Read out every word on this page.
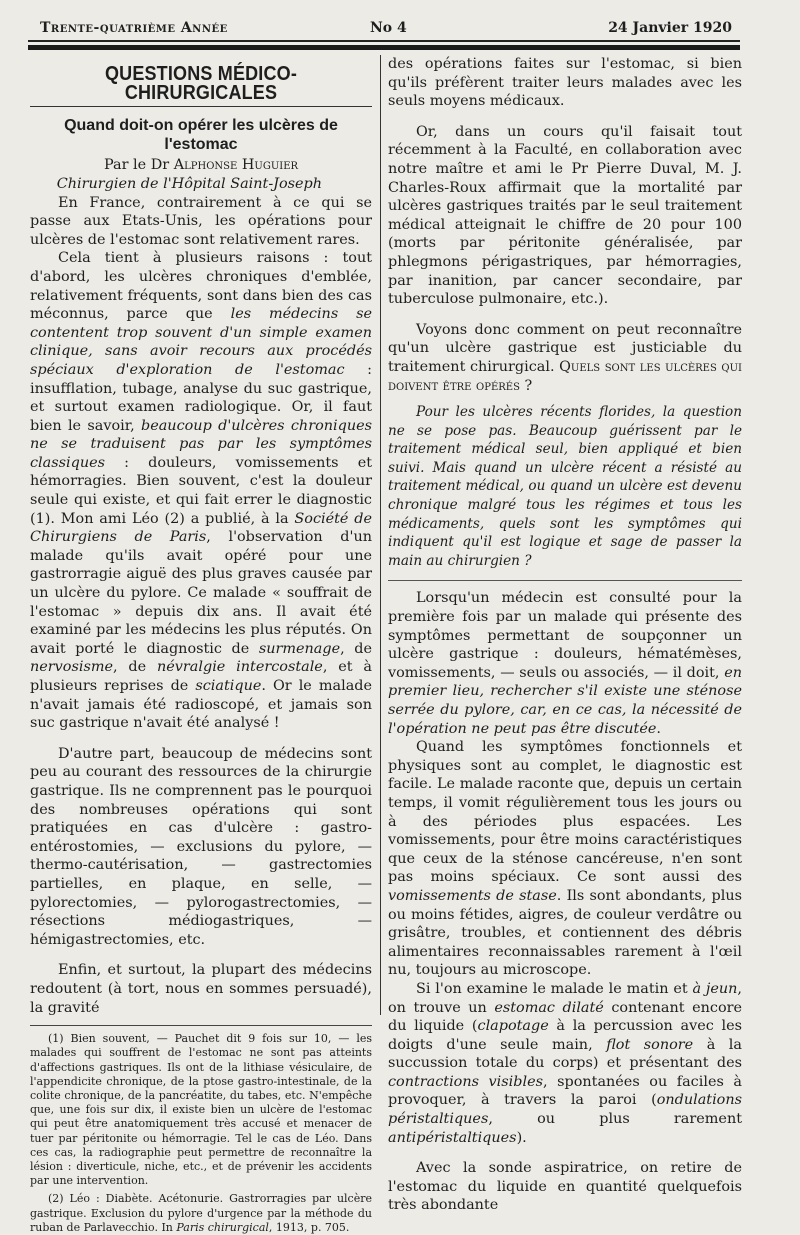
Trente-quatrième Année	No 4	24 Janvier 1920
QUESTIONS MÉDICO-CHIRURGICALES
Quand doit-on opérer les ulcères de l'estomac
Par le Dr Alphonse Huguier
Chirurgien de l'Hôpital Saint-Joseph

En France, contrairement à ce qui se passe aux Etats-Unis, les opérations pour ulcères de l'estomac sont relativement rares.

Cela tient à plusieurs raisons : tout d'abord, les ulcères chroniques d'emblée, relativement fréquents, sont dans bien des cas méconnus, parce que les médecins se contentent trop souvent d'un simple examen clinique, sans avoir recours aux procédés spéciaux d'exploration de l'estomac : insufflation, tubage, analyse du suc gastrique, et surtout examen radiologique. Or, il faut bien le savoir, beaucoup d'ulcères chroniques ne se traduisent pas par les symptômes classiques : douleurs, vomissements et hémorragies. Bien souvent, c'est la douleur seule qui existe, et qui fait errer le diagnostic (1). Mon ami Léo (2) a publié, à la Société de Chirurgiens de Paris, l'observation d'un malade qu'ils avait opéré pour une gastrorragie aiguë des plus graves causée par un ulcère du pylore. Ce malade « souffrait de l'estomac » depuis dix ans. Il avait été examiné par les médecins les plus réputés. On avait porté le diagnostic de surmenage, de nervosisme, de névralgie intercostale, et à plusieurs reprises de sciatique. Or le malade n'avait jamais été radioscopé, et jamais son suc gastrique n'avait été analysé !

D'autre part, beaucoup de médecins sont peu au courant des ressources de la chirurgie gastrique. Ils ne comprennent pas le pourquoi des nombreuses opérations qui sont pratiquées en cas d'ulcère : gastro-entérostomies, — exclusions du pylore, — thermo-cautérisation, — gastrectomies partielles, en plaque, en selle, — pylorectomies, — pylorogastrectomies, — résections médiogastriques, — hémigastrectomies, etc.

Enfin, et surtout, la plupart des médecins redoutent (à tort, nous en sommes persuadé), la gravité

(1) Bien souvent, — Pauchet dit 9 fois sur 10, — les malades qui souffrent de l'estomac ne sont pas atteints d'affections gastriques. Ils ont de la lithiase vésiculaire, de l'appendicite chronique, de la ptose gastro-intestinale, de la colite chronique, de la pancréatite, du tabes, etc. N'empêche que, une fois sur dix, il existe bien un ulcère de l'estomac qui peut être anatomiquement très accusé et menacer de tuer par péritonite ou hémorragie. Tel le cas de Léo. Dans ces cas, la radiographie peut permettre de reconnaître la lésion : diverticule, niche, etc., et de prévenir les accidents par une intervention.

(2) Léo : Diabète. Acétonurie. Gastrorragies par ulcère gastrique. Exclusion du pylore d'urgence par la méthode du ruban de Parlavecchio. In Paris chirurgical, 1913, p. 705.

des opérations faites sur l'estomac, si bien qu'ils préfèrent traiter leurs malades avec les seuls moyens médicaux.

Or, dans un cours qu'il faisait tout récemment à la Faculté, en collaboration avec notre maître et ami le Pr Pierre Duval, M. J. Charles-Roux affirmait que la mortalité par ulcères gastriques traités par le seul traitement médical atteignait le chiffre de 20 pour 100 (morts par péritonite généralisée, par phlegmons périgastriques, par hémorragies, par inanition, par cancer secondaire, par tuberculose pulmonaire, etc.).

Voyons donc comment on peut reconnaître qu'un ulcère gastrique est justiciable du traitement chirurgical. Quels sont les ulcères qui doivent être opérés ?

Pour les ulcères récents florides, la question ne se pose pas. Beaucoup guérissent par le traitement médical seul, bien appliqué et bien suivi. Mais quand un ulcère récent a résisté au traitement médical, ou quand un ulcère est devenu chronique malgré tous les régimes et tous les médicaments, quels sont les symptômes qui indiquent qu'il est logique et sage de passer la main au chirurgien ?

Lorsqu'un médecin est consulté pour la première fois par un malade qui présente des symptômes permettant de soupçonner un ulcère gastrique : douleurs, hématémèses, vomissements, — seuls ou associés, — il doit, en premier lieu, rechercher s'il existe une sténose serrée du pylore, car, en ce cas, la nécessité de l'opération ne peut pas être discutée.

Quand les symptômes fonctionnels et physiques sont au complet, le diagnostic est facile. Le malade raconte que, depuis un certain temps, il vomit régulièrement tous les jours ou à des périodes plus espacées. Les vomissements, pour être moins caractéristiques que ceux de la sténose cancéreuse, n'en sont pas moins spéciaux. Ce sont aussi des vomissements de stase. Ils sont abondants, plus ou moins fétides, aigres, de couleur verdâtre ou grisâtre, troubles, et contiennent des débris alimentaires reconnaissables rarement à l'œil nu, toujours au microscope.

Si l'on examine le malade le matin et à jeun, on trouve un estomac dilaté contenant encore du liquide (clapotage à la percussion avec les doigts d'une seule main, flot sonore à la succussion totale du corps) et présentant des contractions visibles, spontanées ou faciles à provoquer, à travers la paroi (ondulations péristaltiques, ou plus rarement antipéristaltiques).

Avec la sonde aspiratrice, on retire de l'estomac du liquide en quantité quelquefois très abondante
